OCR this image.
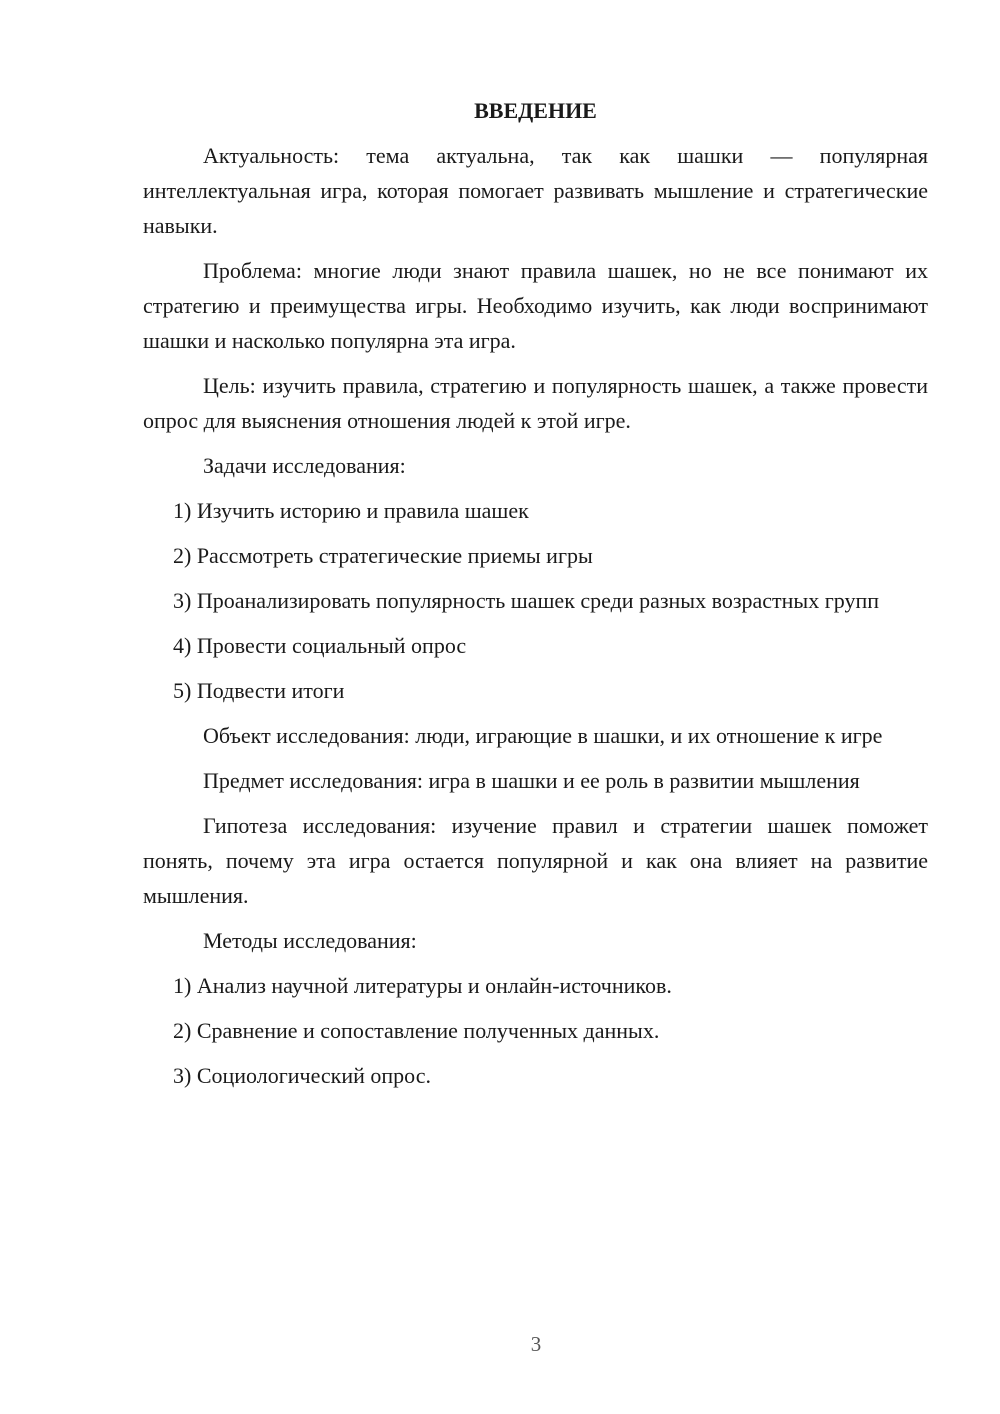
ВВЕДЕНИЕ

Актуальность: тема актуальна, так как шашки — популярная интеллектуальная игра, которая помогает развивать мышление и стратегические навыки.

Проблема: многие люди знают правила шашек, но не все понимают их стратегию и преимущества игры. Необходимо изучить, как люди воспринимают шашки и насколько популярна эта игра.

Цель: изучить правила, стратегию и популярность шашек, а также провести опрос для выяснения отношения людей к этой игре.

Задачи исследования:

1) Изучить историю и правила шашек

2) Рассмотреть стратегические приемы игры

3) Проанализировать популярность шашек среди разных возрастных групп

4) Провести социальный опрос

5) Подвести итоги

Объект исследования: люди, играющие в шашки, и их отношение к игре

Предмет исследования: игра в шашки и ее роль в развитии мышления

Гипотеза исследования: изучение правил и стратегии шашек поможет понять, почему эта игра остается популярной и как она влияет на развитие мышления.

Методы исследования:

1) Анализ научной литературы и онлайн-источников.

2) Сравнение и сопоставление полученных данных.

3) Социологический опрос.

3
